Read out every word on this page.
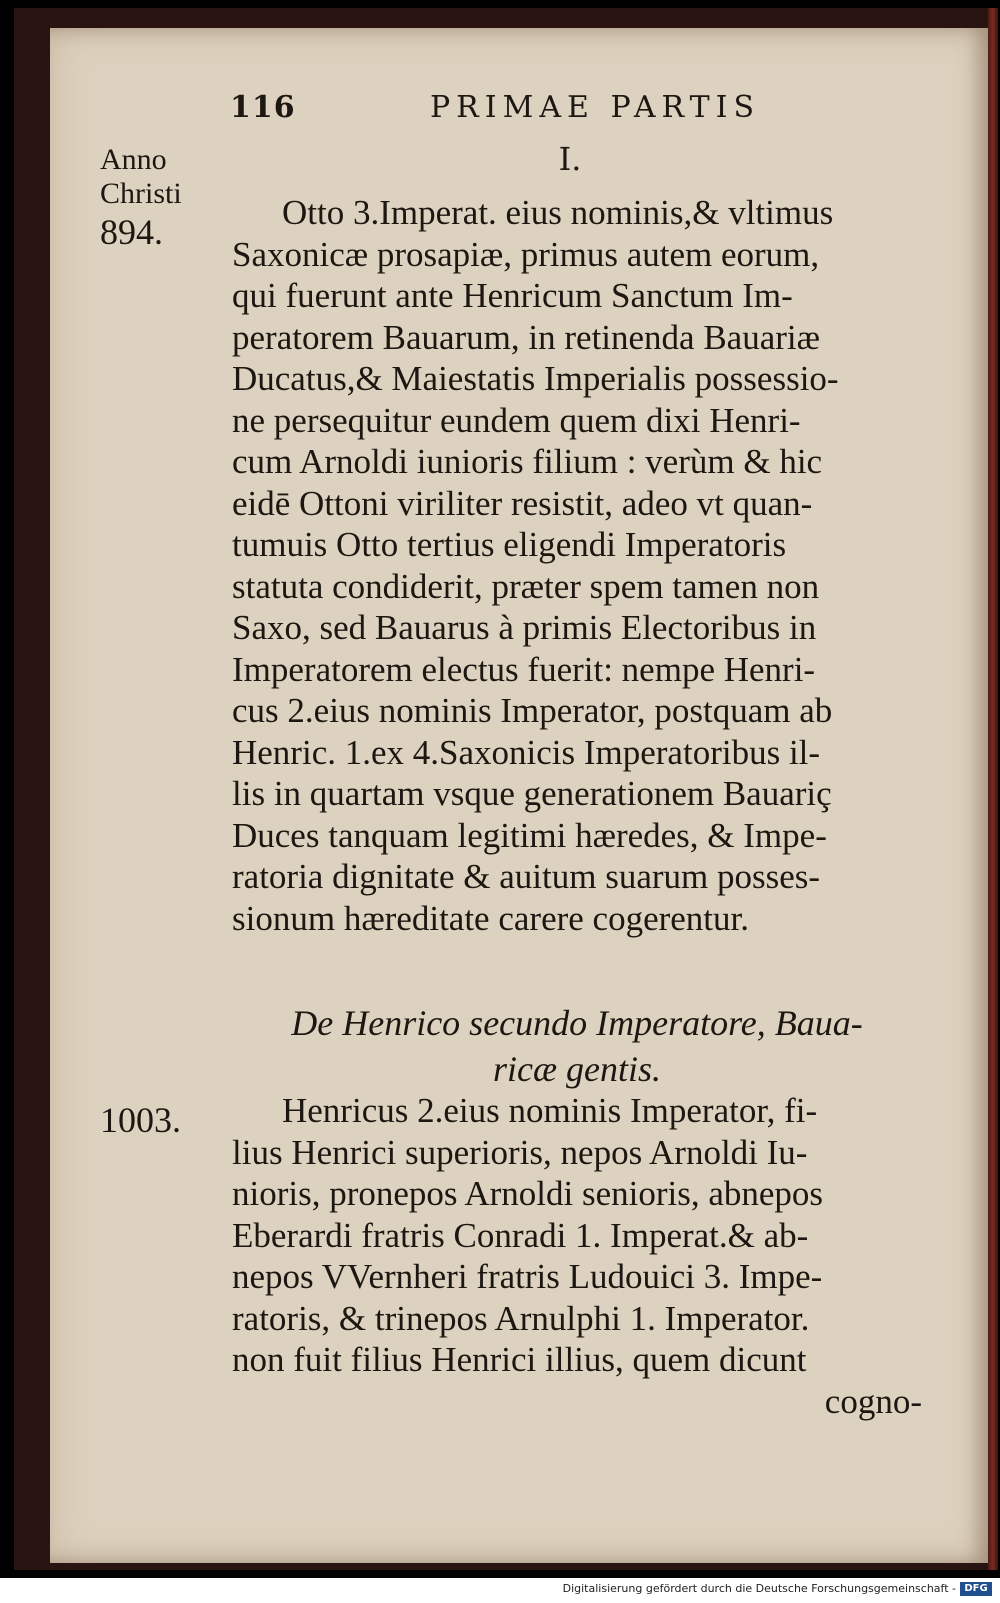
116	PRIMAE PARTIS
Anno
Christi
894.
1003.
I.
Otto 3.Imperat. eius nominis,& vltimus
Saxonicæ prosapiæ, primus autem eorum,
qui fuerunt ante Henricum Sanctum Im-
peratorem Bauarum, in retinenda Bauariæ
Ducatus,& Maiestatis Imperialis possessio-
ne persequitur eundem quem dixi Henri-
cum Arnoldi iunioris filium : verùm & hic
eidē Ottoni viriliter resistit, adeo vt quan-
tumuis Otto tertius eligendi Imperatoris
statuta condiderit, præter spem tamen non
Saxo, sed Bauarus à primis Electoribus in
Imperatorem electus fuerit: nempe Henri-
cus 2.eius nominis Imperator, postquam ab
Henric. 1.ex 4.Saxonicis Imperatoribus il-
lis in quartam vsque generationem Bauariç
Duces tanquam legitimi hæredes, & Impe-
ratoria dignitate & auitum suarum posses-
sionum hæreditate carere cogerentur.
De Henrico secundo Imperatore, Baua-
ricæ gentis.
Henricus 2.eius nominis Imperator, fi-
lius Henrici superioris, nepos Arnoldi Iu-
nioris, pronepos Arnoldi senioris, abnepos
Eberardi fratris Conradi 1. Imperat.& ab-
nepos VVernheri fratris Ludouici 3. Impe-
ratoris, & trinepos Arnulphi 1. Imperator.
non fuit filius Henrici illius, quem dicunt
cogno-
Digitalisierung gefördert durch die Deutsche Forschungsgemeinschaft - DFG
